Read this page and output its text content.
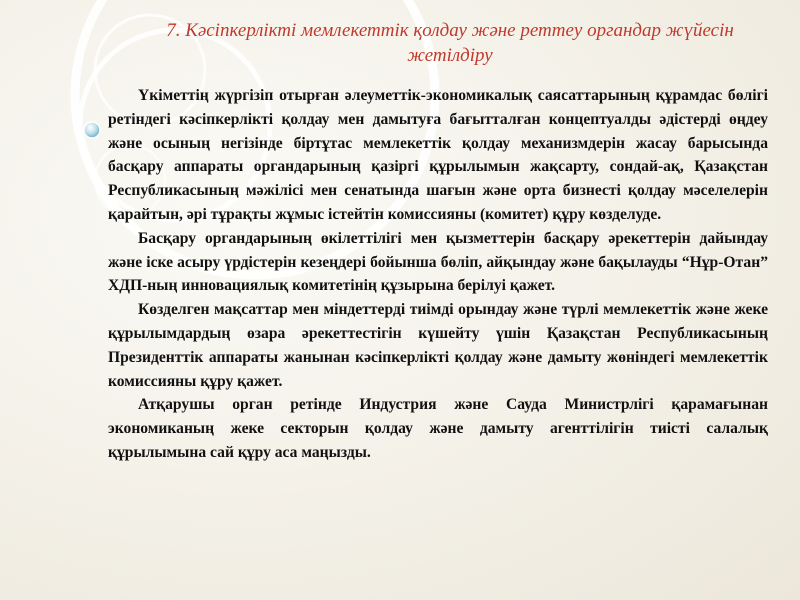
7. Кәсіпкерлікті мемлекеттік қолдау және реттеу органдар жүйесін жетілдіру

Үкіметтің жүргізіп отырған әлеуметтік-экономикалық саясаттарының құрамдас бөлігі ретіндегі кәсіпкерлікті қолдау мен дамытуға бағытталған концептуалды әдістерді өңдеу және осының негізінде біртұтас мемлекеттік қолдау механизмдерін жасау барысында басқару аппараты органдарының қазіргі құрылымын жақсарту, сондай-ақ, Қазақстан Республикасының мәжілісі мен сенатында шағын және орта бизнесті қолдау мәселелерін қарайтын, әрі тұрақты жұмыс істейтін комиссияны (комитет) құру көзделуде.

Басқару органдарының өкілеттілігі мен қызметтерін басқару әрекеттерін дайындау және іске асыру үрдістерін кезеңдері бойынша бөліп, айқындау және бақылауды “Нұр-Отан” ХДП-ның инновациялық комитетінің құзырына берілуі қажет.

Көзделген мақсаттар мен міндеттерді тиімді орындау және түрлі мемлекеттік және жеке құрылымдардың өзара әрекеттестігін күшейту үшін Қазақстан Республикасының Президенттік аппараты жанынан кәсіпкерлікті қолдау және дамыту жөніндегі мемлекеттік комиссияны құру қажет.

Атқарушы орган ретінде Индустрия және Сауда Министрлігі қарамағынан экономиканың жеке секторын қолдау және дамыту агенттілігін тиісті салалық құрылымына сай құру аса маңызды.
